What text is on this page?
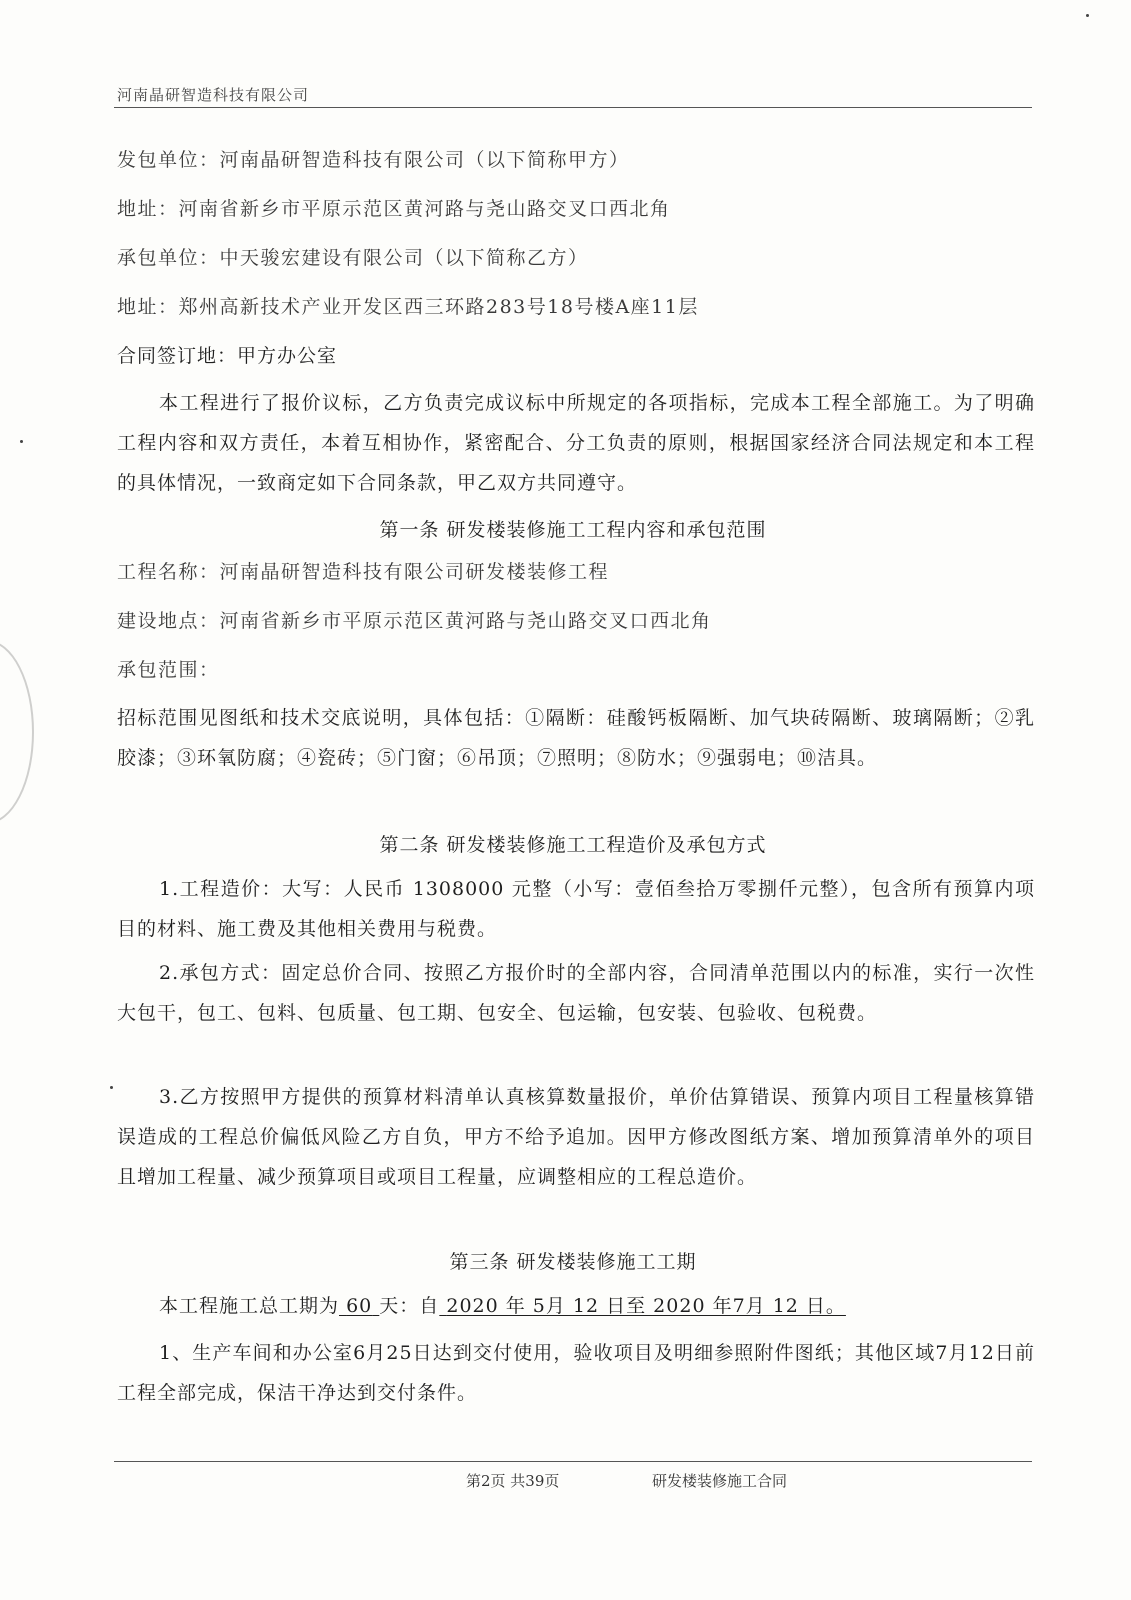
河南晶研智造科技有限公司
发包单位：河南晶研智造科技有限公司（以下简称甲方）
地址：河南省新乡市平原示范区黄河路与尧山路交叉口西北角
承包单位：中天骏宏建设有限公司（以下简称乙方）
地址：郑州高新技术产业开发区西三环路283号18号楼A座11层
合同签订地：甲方办公室
本工程进行了报价议标，乙方负责完成议标中所规定的各项指标，完成本工程全部施工。为了明确工程内容和双方责任，本着互相协作，紧密配合、分工负责的原则，根据国家经济合同法规定和本工程的具体情况，一致商定如下合同条款，甲乙双方共同遵守。
第一条 研发楼装修施工工程内容和承包范围
工程名称：河南晶研智造科技有限公司研发楼装修工程
建设地点：河南省新乡市平原示范区黄河路与尧山路交叉口西北角
承包范围：
招标范围见图纸和技术交底说明，具体包括：①隔断：硅酸钙板隔断、加气块砖隔断、玻璃隔断；②乳胶漆；③环氧防腐；④瓷砖；⑤门窗；⑥吊顶；⑦照明；⑧防水；⑨强弱电；⑩洁具。
第二条 研发楼装修施工工程造价及承包方式
1.工程造价：大写：人民币 1308000 元整（小写：壹佰叁拾万零捌仟元整），包含所有预算内项目的材料、施工费及其他相关费用与税费。
2.承包方式：固定总价合同、按照乙方报价时的全部内容，合同清单范围以内的标准，实行一次性大包干，包工、包料、包质量、包工期、包安全、包运输，包安装、包验收、包税费。
3.乙方按照甲方提供的预算材料清单认真核算数量报价，单价估算错误、预算内项目工程量核算错误造成的工程总价偏低风险乙方自负，甲方不给予追加。因甲方修改图纸方案、增加预算清单外的项目且增加工程量、减少预算项目或项目工程量，应调整相应的工程总造价。
第三条 研发楼装修施工工期
本工程施工总工期为 60 天：自 2020 年 5月 12 日至 2020 年7月 12 日。
1、生产车间和办公室6月25日达到交付使用，验收项目及明细参照附件图纸；其他区域7月12日前工程全部完成，保洁干净达到交付条件。
第2页 共39页	研发楼装修施工合同
